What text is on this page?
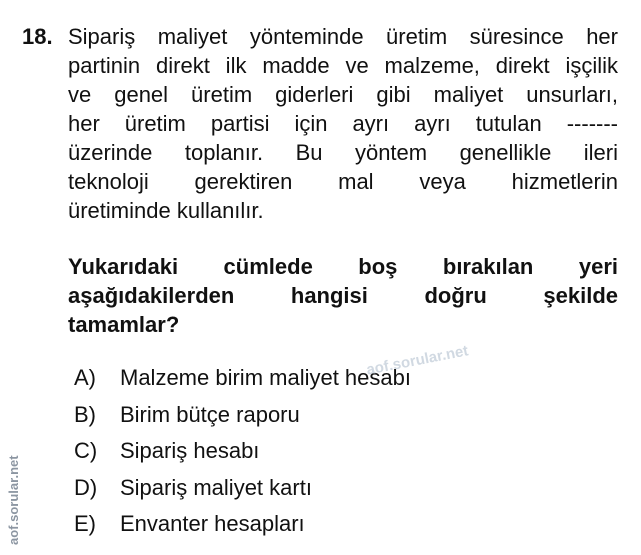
18. Sipariş maliyet yönteminde üretim süresince her
partinin direkt ilk madde ve malzeme, direkt işçilik
ve genel üretim giderleri gibi maliyet unsurları,
her üretim partisi için ayrı ayrı tutulan -------
üzerinde toplanır. Bu yöntem genellikle ileri
teknoloji gerektiren mal veya hizmetlerin
üretiminde kullanılır.
Yukarıdaki cümlede boş bırakılan yeri
aşağıdakilerden hangisi doğru şekilde
tamamlar?
A)	Malzeme birim maliyet hesabı
B)	Birim bütçe raporu
C)	Sipariş hesabı
D)	Sipariş maliyet kartı
E)	Envanter hesapları
aof.sorular.net
aof.sorular.net
